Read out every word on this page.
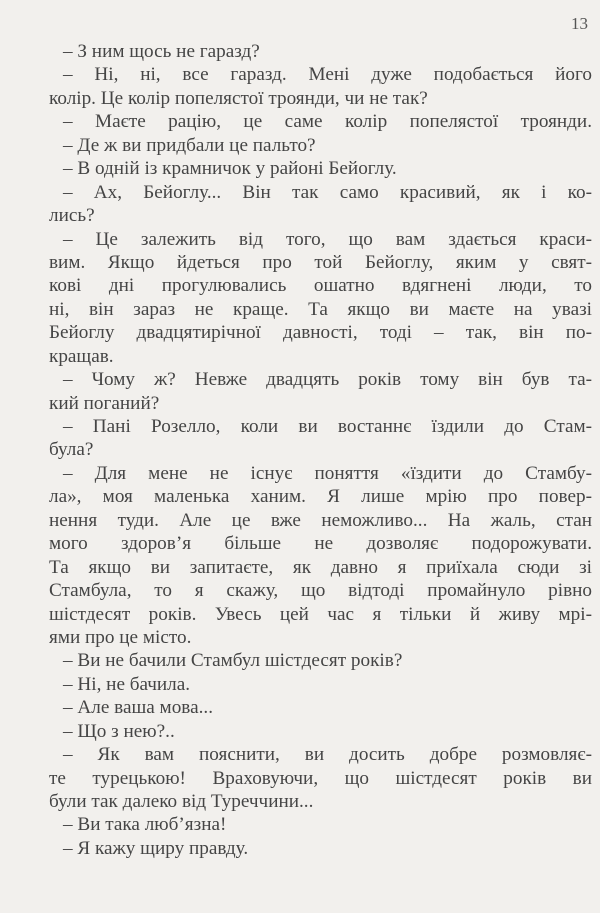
13
– З ним щось не гаразд?
– Ні, ні, все гаразд. Мені дуже подобається його
колір. Це колір попелястої троянди, чи не так?
– Маєте рацію, це саме колір попелястої троянди.
– Де ж ви придбали це пальто?
– В одній із крамничок у районі Бейоглу.
– Ах, Бейоглу... Він так само красивий, як і ко-
лись?
– Це залежить від того, що вам здається краси-
вим. Якщо йдеться про той Бейоглу, яким у свят-
кові дні прогулювались ошатно вдягнені люди, то
ні, він зараз не краще. Та якщо ви маєте на увазі
Бейоглу двадцятирічної давності, тоді – так, він по-
кращав.
– Чому ж? Невже двадцять років тому він був та-
кий поганий?
– Пані Розелло, коли ви востаннє їздили до Стам-
була?
– Для мене не існує поняття «їздити до Стамбу-
ла», моя маленька ханим. Я лише мрію про повер-
нення туди. Але це вже неможливо... На жаль, стан
мого здоров’я більше не дозволяє подорожувати.
Та якщо ви запитаєте, як давно я приїхала сюди зі
Стамбула, то я скажу, що відтоді промайнуло рівно
шістдесят років. Увесь цей час я тільки й живу мрі-
ями про це місто.
– Ви не бачили Стамбул шістдесят років?
– Ні, не бачила.
– Але ваша мова...
– Що з нею?..
– Як вам пояснити, ви досить добре розмовляє-
те турецькою! Враховуючи, що шістдесят років ви
були так далеко від Туреччини...
– Ви така люб’язна!
– Я кажу щиру правду.
